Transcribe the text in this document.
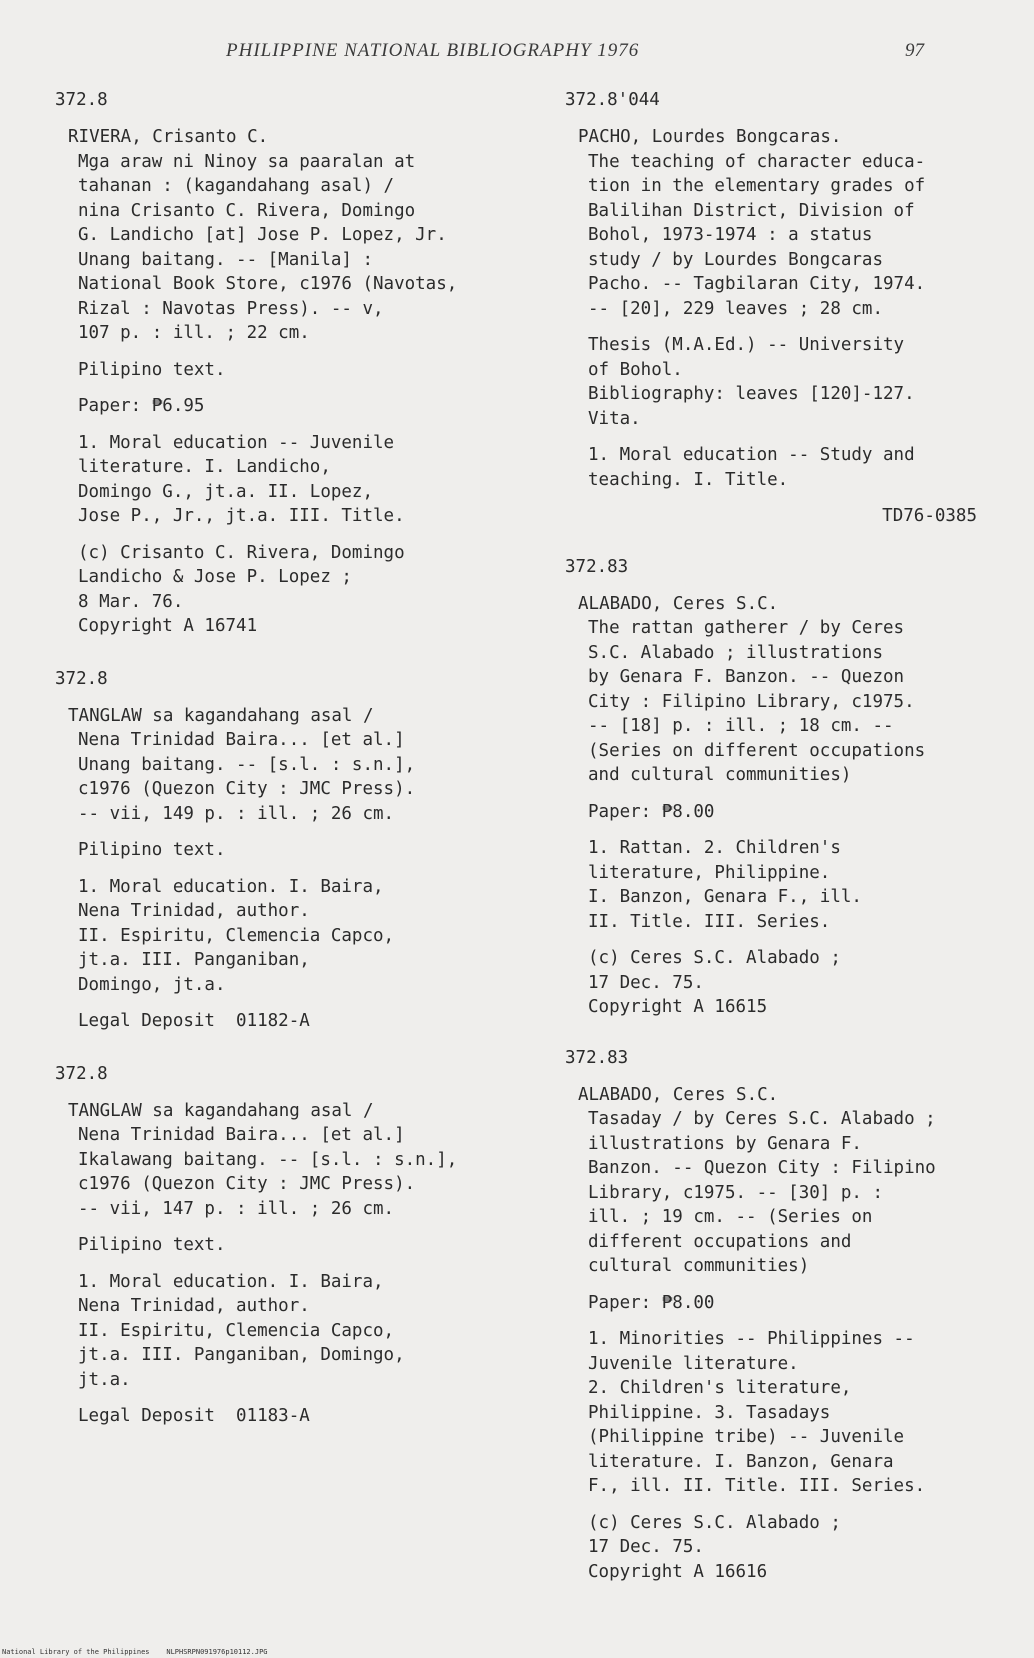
PHILIPPINE NATIONAL BIBLIOGRAPHY 1976	97
372.8
RIVERA, Crisanto C.
Mga araw ni Ninoy sa paaralan at
tahanan : (kagandahang asal) /
nina Crisanto C. Rivera, Domingo
G. Landicho [at] Jose P. Lopez, Jr.
Unang baitang. -- [Manila] :
National Book Store, c1976 (Navotas,
Rizal : Navotas Press). -- v,
107 p. : ill. ; 22 cm.
Pilipino text.
Paper: ₱6.95
1. Moral education -- Juvenile
literature. I. Landicho,
Domingo G., jt.a. II. Lopez,
Jose P., Jr., jt.a. III. Title.
(c) Crisanto C. Rivera, Domingo
Landicho & Jose P. Lopez ;
8 Mar. 76.
Copyright A 16741
372.8
TANGLAW sa kagandahang asal /
Nena Trinidad Baira... [et al.]
Unang baitang. -- [s.l. : s.n.],
c1976 (Quezon City : JMC Press).
-- vii, 149 p. : ill. ; 26 cm.
Pilipino text.
1. Moral education. I. Baira,
Nena Trinidad, author.
II. Espiritu, Clemencia Capco,
jt.a. III. Panganiban,
Domingo, jt.a.
Legal Deposit  01182-A
372.8
TANGLAW sa kagandahang asal /
Nena Trinidad Baira... [et al.]
Ikalawang baitang. -- [s.l. : s.n.],
c1976 (Quezon City : JMC Press).
-- vii, 147 p. : ill. ; 26 cm.
Pilipino text.
1. Moral education. I. Baira,
Nena Trinidad, author.
II. Espiritu, Clemencia Capco,
jt.a. III. Panganiban, Domingo,
jt.a.
Legal Deposit  01183-A
372.8'044
PACHO, Lourdes Bongcaras.
The teaching of character educa-
tion in the elementary grades of
Balilihan District, Division of
Bohol, 1973-1974 : a status
study / by Lourdes Bongcaras
Pacho. -- Tagbilaran City, 1974.
-- [20], 229 leaves ; 28 cm.
Thesis (M.A.Ed.) -- University
of Bohol.
Bibliography: leaves [120]-127.
Vita.
1. Moral education -- Study and
teaching. I. Title.
TD76-0385
372.83
ALABADO, Ceres S.C.
The rattan gatherer / by Ceres
S.C. Alabado ; illustrations
by Genara F. Banzon. -- Quezon
City : Filipino Library, c1975.
-- [18] p. : ill. ; 18 cm. --
(Series on different occupations
and cultural communities)
Paper: ₱8.00
1. Rattan. 2. Children's
literature, Philippine.
I. Banzon, Genara F., ill.
II. Title. III. Series.
(c) Ceres S.C. Alabado ;
17 Dec. 75.
Copyright A 16615
372.83
ALABADO, Ceres S.C.
Tasaday / by Ceres S.C. Alabado ;
illustrations by Genara F.
Banzon. -- Quezon City : Filipino
Library, c1975. -- [30] p. :
ill. ; 19 cm. -- (Series on
different occupations and
cultural communities)
Paper: ₱8.00
1. Minorities -- Philippines --
Juvenile literature.
2. Children's literature,
Philippine. 3. Tasadays
(Philippine tribe) -- Juvenile
literature. I. Banzon, Genara
F., ill. II. Title. III. Series.
(c) Ceres S.C. Alabado ;
17 Dec. 75.
Copyright A 16616
National Library of the Philippines    NLPHSRPN091976p10112.JPG
